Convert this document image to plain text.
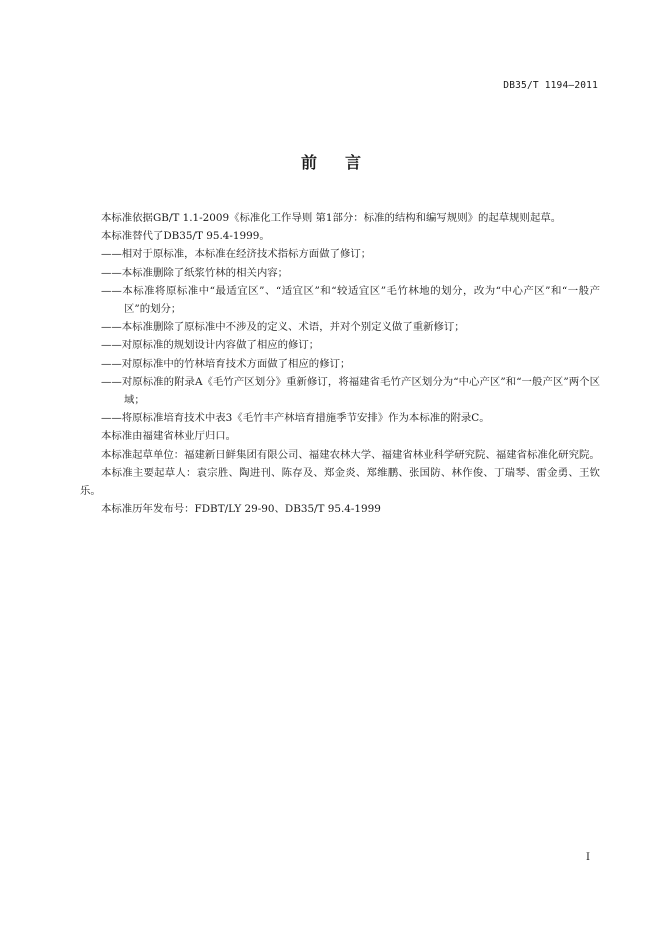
DB35/T 1194—2011
前 言

本标准依据GB/T 1.1-2009《标准化工作导则 第1部分：标准的结构和编写规则》的起草规则起草。

本标准替代了DB35/T 95.4-1999。

——相对于原标准，本标准在经济技术指标方面做了修订；

——本标准删除了纸浆竹林的相关内容；

——本标准将原标准中“最适宜区”、“适宜区”和“较适宜区”毛竹林地的划分，改为“中心产区”和“一般产区”的划分；

——本标准删除了原标准中不涉及的定义、术语，并对个别定义做了重新修订；

——对原标准的规划设计内容做了相应的修订；

——对原标准中的竹林培育技术方面做了相应的修订；

——对原标准的附录A《毛竹产区划分》重新修订，将福建省毛竹产区划分为“中心产区”和“一般产区”两个区域；

——将原标准培育技术中表3《毛竹丰产林培育措施季节安排》作为本标准的附录C。

本标准由福建省林业厅归口。

本标准起草单位：福建新日鲜集团有限公司、福建农林大学、福建省林业科学研究院、福建省标准化研究院。

本标准主要起草人：袁宗胜、陶进刊、陈存及、郑金炎、郑维鹏、张国防、林作俊、丁瑞琴、雷金勇、王钦乐。

本标准历年发布号：FDBT/LY 29-90、DB35/T 95.4-1999

I
